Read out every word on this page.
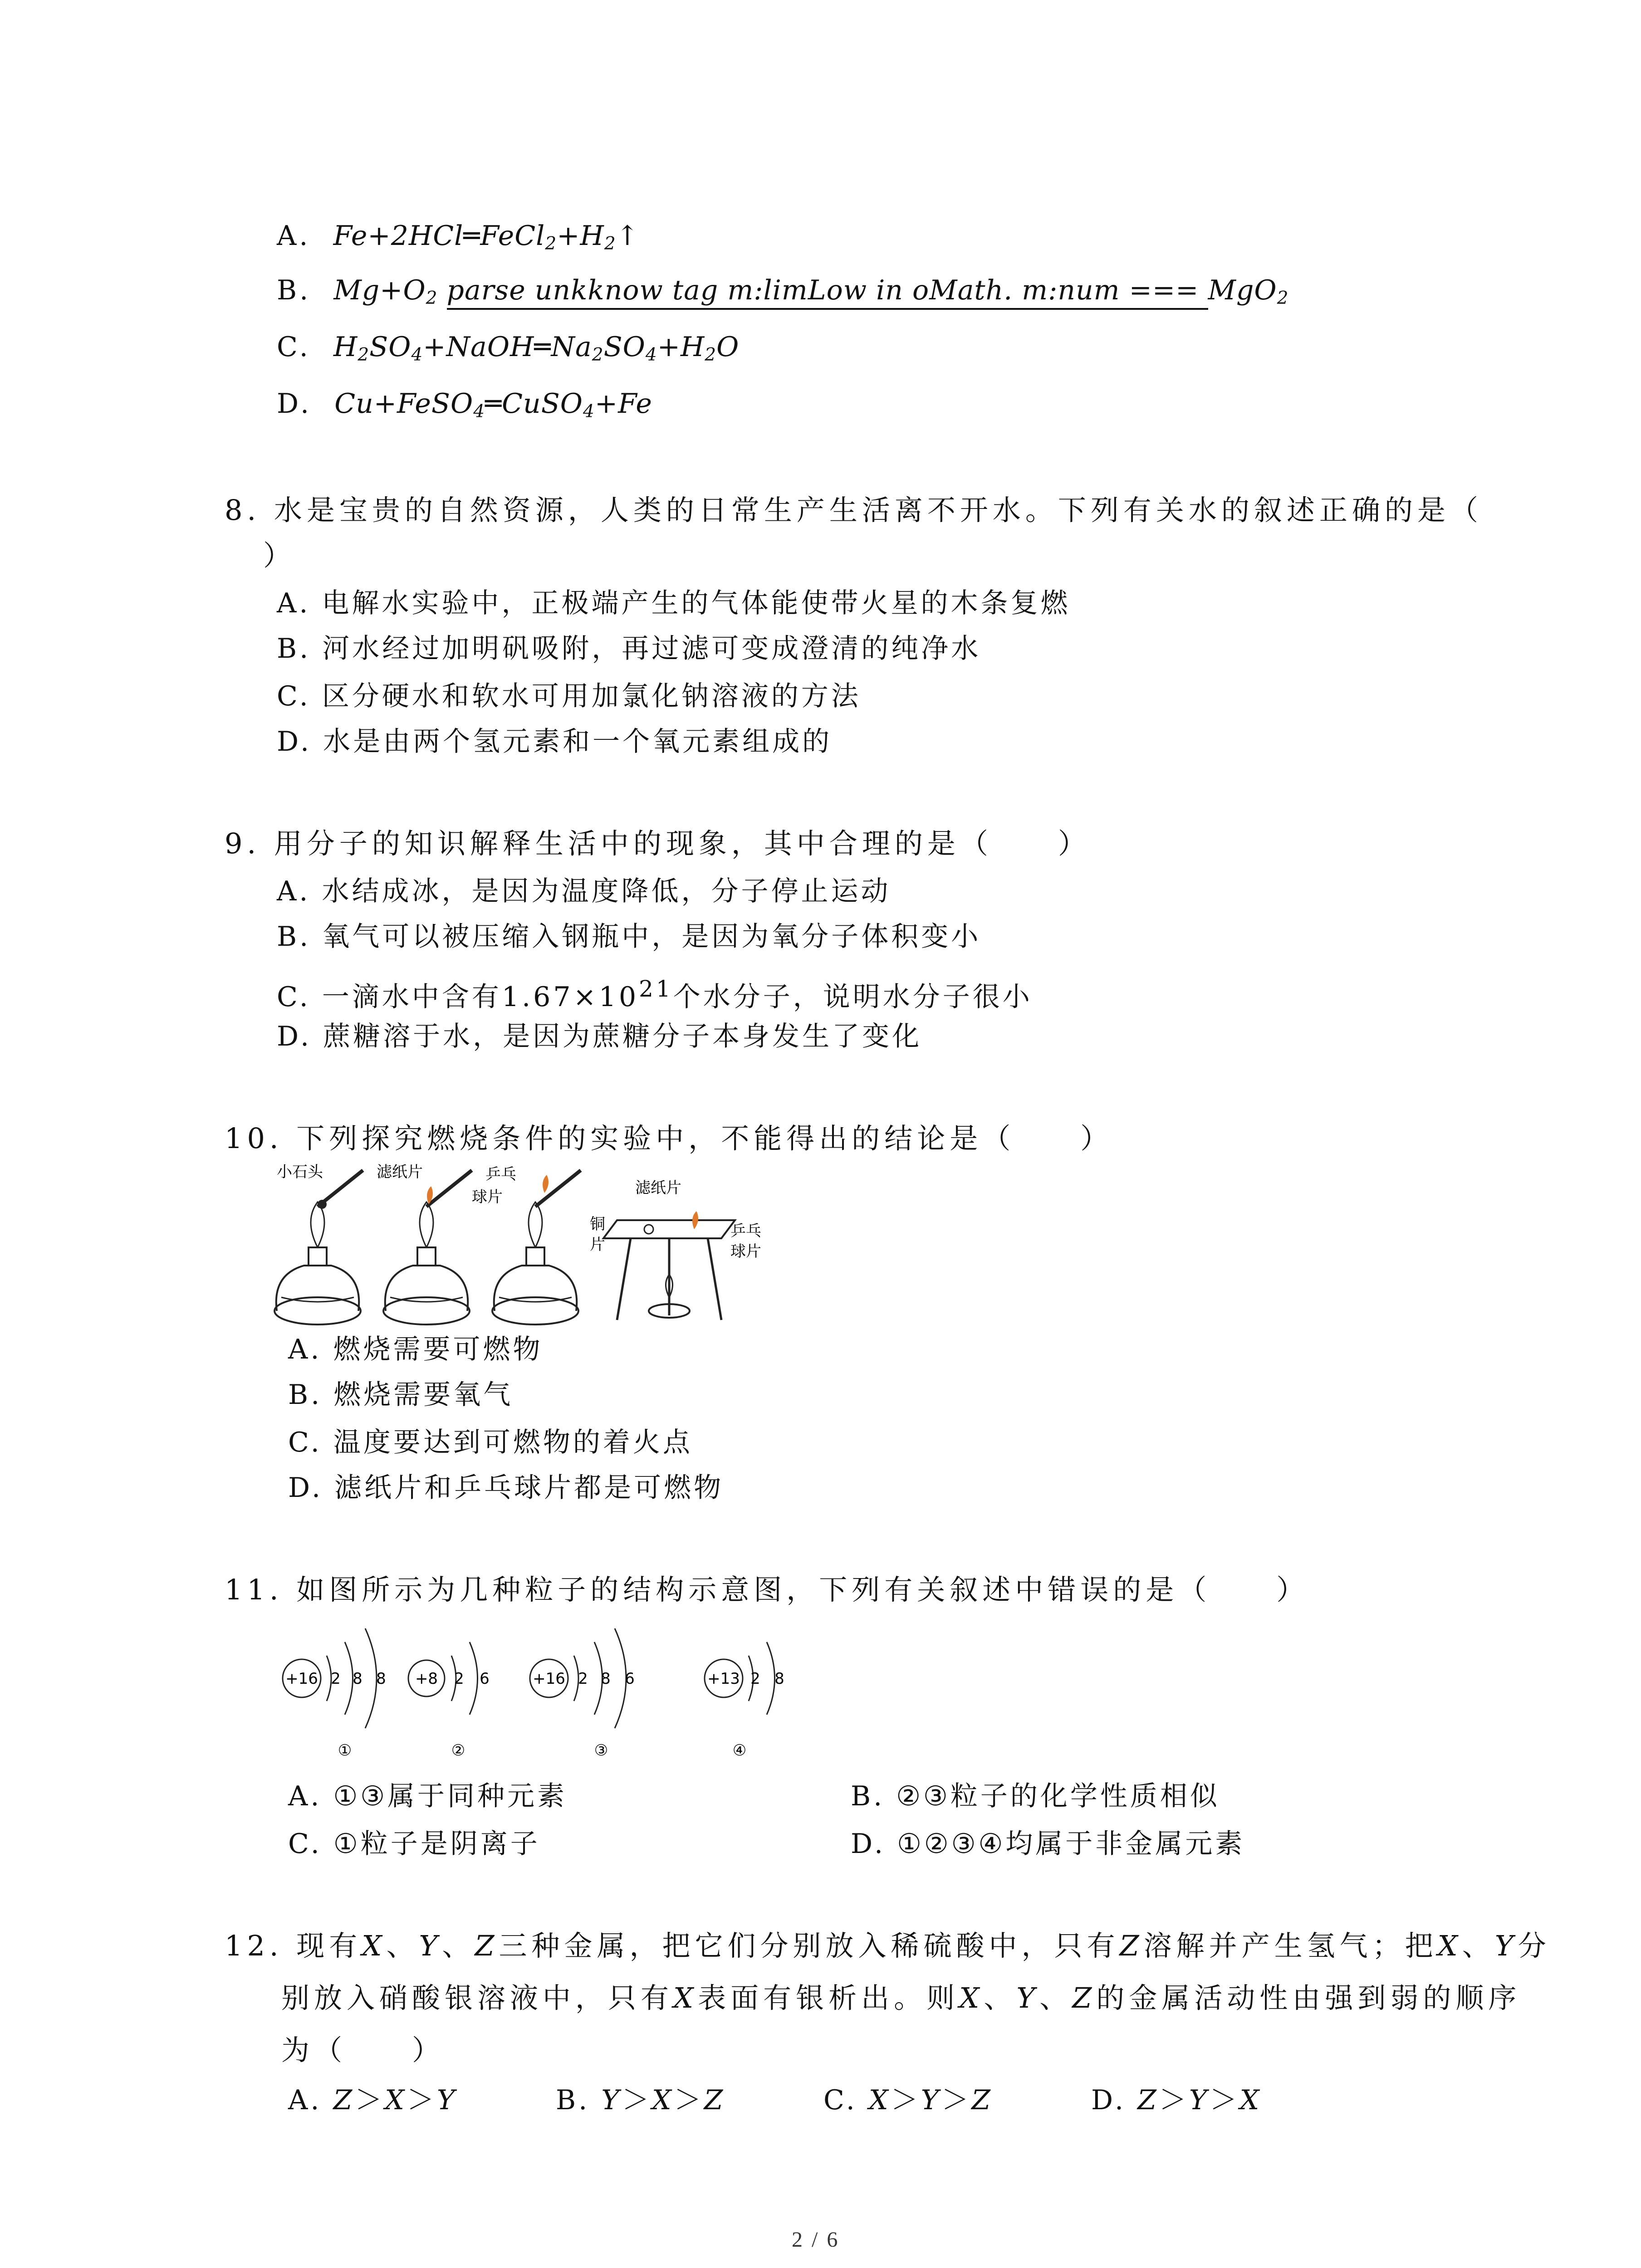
A. $Fe+2HCl═FeCl_2+H_2↑$
B. $Mg+O_2$ parse unkknow tag m:limLow in oMath. m:num === MgO$_2$
C. $H_2SO_4+NaOH═Na_2SO_4+H_2O$
D. Cu+FeSO$_4$═CuSO$_4$+Fe
8. 水是宝贵的自然资源，人类的日常生产生活离不开水。下列有关水的叙述正确的是（
）
A. 电解水实验中，正极端产生的气体能使带火星的木条复燃
B. 河水经过加明矾吸附，再过滤可变成澄清的纯净水
C. 区分硬水和软水可用加氯化钠溶液的方法
D. 水是由两个氢元素和一个氧元素组成的
9. 用分子的知识解释生活中的现象，其中合理的是（　　）
A. 水结成冰，是因为温度降低，分子停止运动
B. 氧气可以被压缩入钢瓶中，是因为氧分子体积变小
C. 一滴水中含有$1.67\times 10^{21}$个水分子，说明水分子很小
D. 蔗糖溶于水，是因为蔗糖分子本身发生了变化
10. 下列探究燃烧条件的实验中，不能得出的结论是（　　）
小石头	滤纸片	乒乓
球片	滤纸片
铜
片
乒乓
球片
A. 燃烧需要可燃物
B. 燃烧需要氧气
C. 温度要达到可燃物的着火点
D. 滤纸片和乒乓球片都是可燃物
11. 如图所示为几种粒子的结构示意图，下列有关叙述中错误的是（　　）
+16 2 8 8
①
+8 2 6
②
+16 2 8 6
③
+13 2 8
④
A. ①③属于同种元素	B. ②③粒子的化学性质相似
C. ①粒子是阴离子	D. ①②③④均属于非金属元素
12. 现有X、Y、Z三种金属，把它们分别放入稀硫酸中，只有Z溶解并产生氢气；把X、Y分
别放入硝酸银溶液中，只有X表面有银析出。则X、Y、Z的金属活动性由强到弱的顺序
为（　　）
A. Z＞X＞Y	B. Y＞X＞Z	C. X＞Y＞Z	D. Z＞Y＞X
2 / 6
